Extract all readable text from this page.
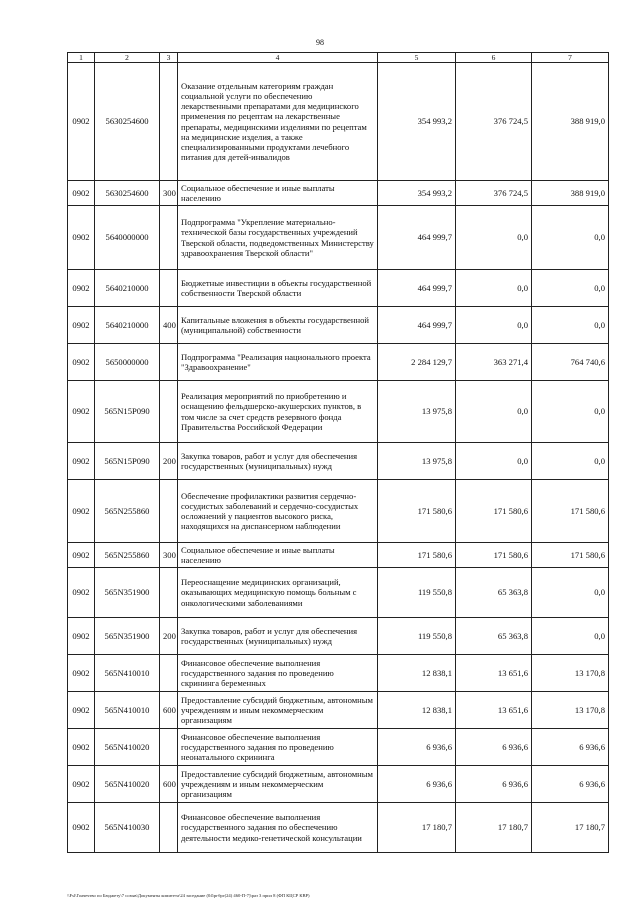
98
1	2	3	4	5	6	7
0902	5630254600		Оказание отдельным категориям граждан социальной услуги по обеспечению лекарственными препаратами для медицинского применения по рецептам на лекарственные препараты, медицинскими изделиями по рецептам на медицинские изделия, а также специализированными продуктами лечебного питания для детей-инвалидов	354 993,2	376 724,5	388 919,0
0902	5630254600	300	Социальное обеспечение и иные выплаты населению	354 993,2	376 724,5	388 919,0
0902	5640000000		Подпрограмма "Укрепление материально-технической базы государственных учреждений Тверской области, подведомственных Министерству здравоохранения Тверской области"	464 999,7	0,0	0,0
0902	5640210000		Бюджетные инвестиции в объекты государственной собственности Тверской области	464 999,7	0,0	0,0
0902	5640210000	400	Капитальные вложения в объекты государственной (муниципальной) собственности	464 999,7	0,0	0,0
0902	5650000000		Подпрограмма "Реализация национального проекта "Здравоохранение"	2 284 129,7	363 271,4	764 740,6
0902	565N15P090		Реализация мероприятий по приобретению и оснащению фельдшерско-акушерских пунктов, в том числе за счет средств резервного фонда Правительства Российской Федерации	13 975,8	0,0	0,0
0902	565N15P090	200	Закупка товаров, работ и услуг для обеспечения государственных (муниципальных) нужд	13 975,8	0,0	0,0
0902	565N255860		Обеспечение профилактики развития сердечно-сосудистых заболеваний и сердечно-сосудистых осложнений у пациентов высокого риска, находящихся на диспансерном наблюдении	171 580,6	171 580,6	171 580,6
0902	565N255860	300	Социальное обеспечение и иные выплаты населению	171 580,6	171 580,6	171 580,6
0902	565N351900		Переоснащение медицинских организаций, оказывающих медицинскую помощь больным с онкологическими заболеваниями	119 550,8	65 363,8	0,0
0902	565N351900	200	Закупка товаров, работ и услуг для обеспечения государственных (муниципальных) нужд	119 550,8	65 363,8	0,0
0902	565N410010		Финансовое обеспечение выполнения государственного задания по проведению скрининга беременных	12 838,1	13 651,6	13 170,8
0902	565N410010	600	Предоставление субсидий бюджетным, автономным учреждениям и иным некоммерческим организациям	12 838,1	13 651,6	13 170,8
0902	565N410020		Финансовое обеспечение выполнения государственного задания по проведению неонатального скрининга	6 936,6	6 936,6	6 936,6
0902	565N410020	600	Предоставление субсидий бюджетным, автономным учреждениям и иным некоммерческим организациям	6 936,6	6 936,6	6 936,6
0902	565N410030		Финансовое обеспечение выполнения государственного задания по обеспечению деятельности медико-генетической консультации	17 180,7	17 180,7	17 180,7
\\Fsl\Гоачечтво по Бюджету\7 созыв\Документы комитета\24 заседание (04\ргбрг(24) 460-П-7)\раз 3 прил 8 (ФП КЦСР КВР)
